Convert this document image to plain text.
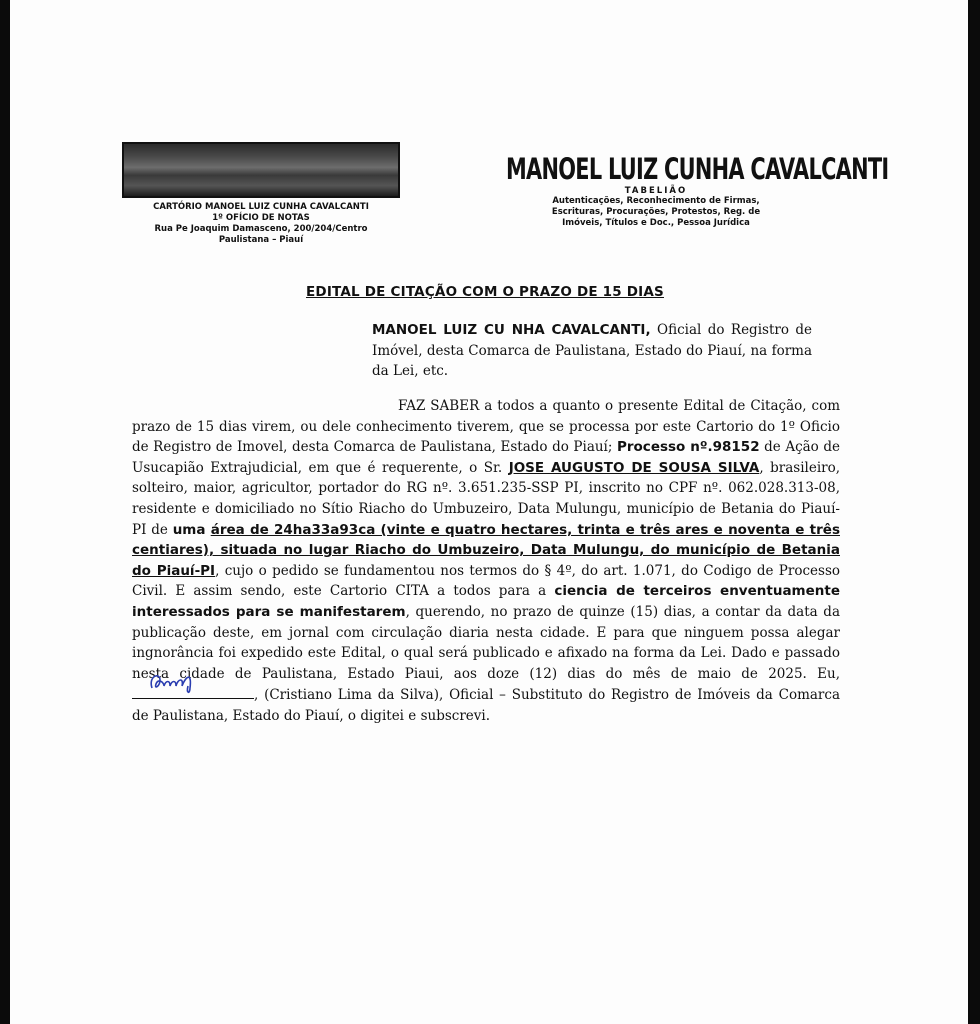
CARTÓRIO MANOEL LUIZ CUNHA CAVALCANTI
1º OFÍCIO DE NOTAS
Rua Pe Joaquim Damasceno, 200/204/Centro
Paulistana – Piauí
MANOEL LUIZ CUNHA CAVALCANTI
TABELIÃO
Autenticações, Reconhecimento de Firmas,
Escrituras, Procurações, Protestos, Reg. de
Imóveis, Títulos e Doc., Pessoa Jurídica
EDITAL DE CITAÇÃO COM O PRAZO DE 15 DIAS
MANOEL LUIZ CU NHA CAVALCANTI, Oficial do Registro de Imóvel, desta Comarca de Paulistana, Estado do Piauí, na forma da Lei, etc.
FAZ SABER a todos a quanto o presente Edital de Citação, com prazo de 15 dias virem, ou dele conhecimento tiverem, que se processa por este Cartorio do 1º Oficio de Registro de Imovel, desta Comarca de Paulistana, Estado do Piauí; Processo nº.98152 de Ação de Usucapião Extrajudicial, em que é requerente, o Sr. JOSE AUGUSTO DE SOUSA SILVA, brasileiro, solteiro, maior, agricultor, portador do RG nº. 3.651.235-SSP PI, inscrito no CPF nº. 062.028.313-08, residente e domiciliado no Sítio Riacho do Umbuzeiro, Data Mulungu, município de Betania do Piauí-PI de uma área de 24ha33a93ca (vinte e quatro hectares, trinta e três ares e noventa e três centiares), situada no lugar Riacho do Umbuzeiro, Data Mulungu, do município de Betania do Piauí-PI, cujo o pedido se fundamentou nos termos do § 4º, do art. 1.071, do Codigo de Processo Civil. E assim sendo, este Cartorio CITA a todos para a ciencia de terceiros enventuamente interessados para se manifestarem, querendo, no prazo de quinze (15) dias, a contar da data da publicação deste, em jornal com circulação diaria nesta cidade. E para que ninguem possa alegar ingnorância foi expedido este Edital, o qual será publicado e afixado na forma da Lei. Dado e passado nesta cidade de Paulistana, Estado Piaui, aos doze (12) dias do mês de maio de 2025. Eu,
, (Cristiano Lima da Silva), Oficial – Substituto do Registro de Imóveis da Comarca de Paulistana, Estado do Piauí, o digitei e subscrevi.
